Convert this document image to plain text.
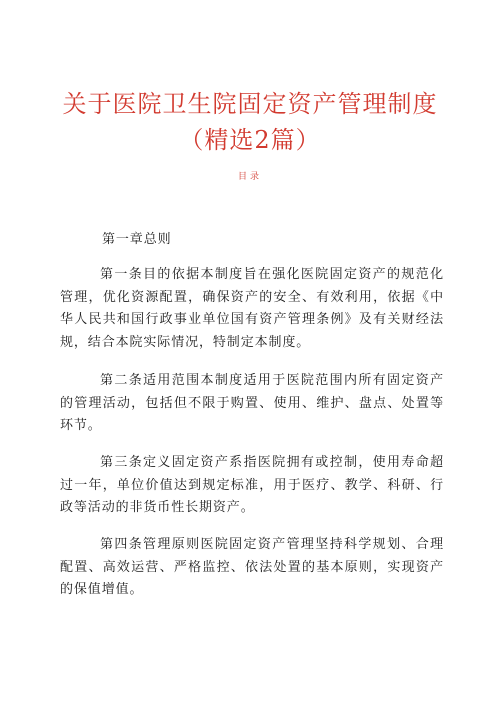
关于医院卫生院固定资产管理制度
（精选2篇）
目录

第一章总则

第一条目的依据本制度旨在强化医院固定资产的规范化管理，优化资源配置，确保资产的安全、有效利用，依据《中华人民共和国行政事业单位国有资产管理条例》及有关财经法规，结合本院实际情况，特制定本制度。

第二条适用范围本制度适用于医院范围内所有固定资产的管理活动，包括但不限于购置、使用、维护、盘点、处置等环节。

第三条定义固定资产系指医院拥有或控制，使用寿命超过一年，单位价值达到规定标准，用于医疗、教学、科研、行政等活动的非货币性长期资产。

第四条管理原则医院固定资产管理坚持科学规划、合理配置、高效运营、严格监控、依法处置的基本原则，实现资产的保值增值。
